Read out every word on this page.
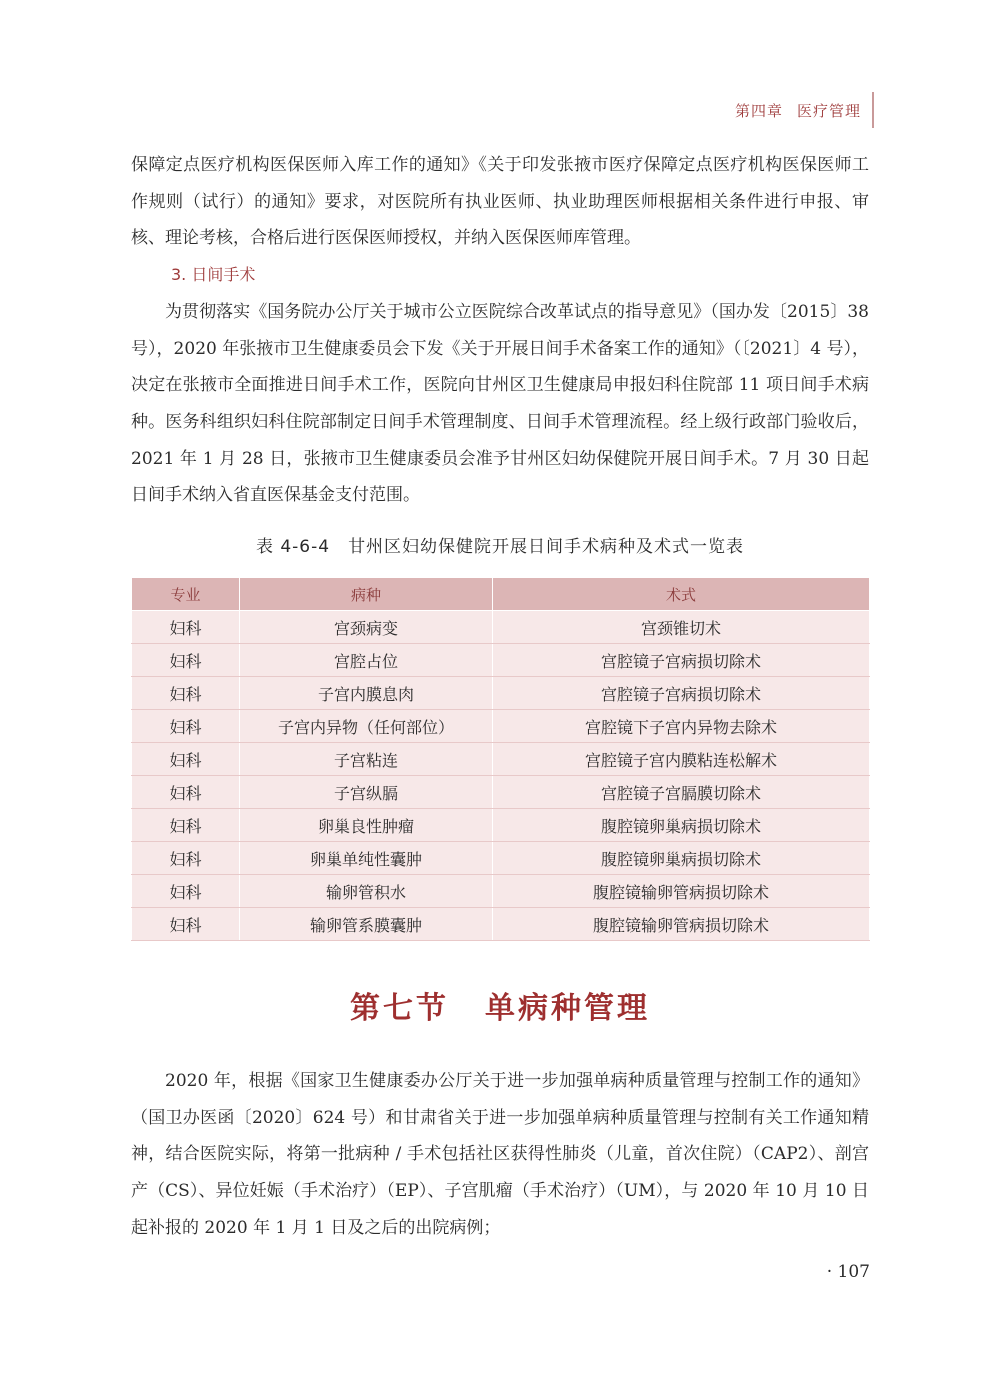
第四章 医疗管理

保障定点医疗机构医保医师入库工作的通知》《关于印发张掖市医疗保障定点医疗机构医保医师工作规则（试行）的通知》要求，对医院所有执业医师、执业助理医师根据相关条件进行申报、审核、理论考核，合格后进行医保医师授权，并纳入医保医师库管理。

3. 日间手术

为贯彻落实《国务院办公厅关于城市公立医院综合改革试点的指导意见》（国办发〔2015〕38 号），2020 年张掖市卫生健康委员会下发《关于开展日间手术备案工作的通知》（〔2021〕4 号），决定在张掖市全面推进日间手术工作，医院向甘州区卫生健康局申报妇科住院部 11 项日间手术病种。医务科组织妇科住院部制定日间手术管理制度、日间手术管理流程。经上级行政部门验收后，2021 年 1 月 28 日，张掖市卫生健康委员会准予甘州区妇幼保健院开展日间手术。7 月 30 日起日间手术纳入省直医保基金支付范围。

表 4-6-4 甘州区妇幼保健院开展日间手术病种及术式一览表
专业	病种	术式
妇科	宫颈病变	宫颈锥切术
妇科	宫腔占位	宫腔镜子宫病损切除术
妇科	子宫内膜息肉	宫腔镜子宫病损切除术
妇科	子宫内异物（任何部位）	宫腔镜下子宫内异物去除术
妇科	子宫粘连	宫腔镜子宫内膜粘连松解术
妇科	子宫纵膈	宫腔镜子宫膈膜切除术
妇科	卵巢良性肿瘤	腹腔镜卵巢病损切除术
妇科	卵巢单纯性囊肿	腹腔镜卵巢病损切除术
妇科	输卵管积水	腹腔镜输卵管病损切除术
妇科	输卵管系膜囊肿	腹腔镜输卵管病损切除术
第七节 单病种管理

2020 年，根据《国家卫生健康委办公厅关于进一步加强单病种质量管理与控制工作的通知》（国卫办医函〔2020〕624 号）和甘肃省关于进一步加强单病种质量管理与控制有关工作通知精神，结合医院实际，将第一批病种 / 手术包括社区获得性肺炎（儿童，首次住院）（CAP2）、剖宫产（CS）、异位妊娠（手术治疗）（EP）、子宫肌瘤（手术治疗）（UM），与 2020 年 10 月 10 日起补报的 2020 年 1 月 1 日及之后的出院病例；

· 107
